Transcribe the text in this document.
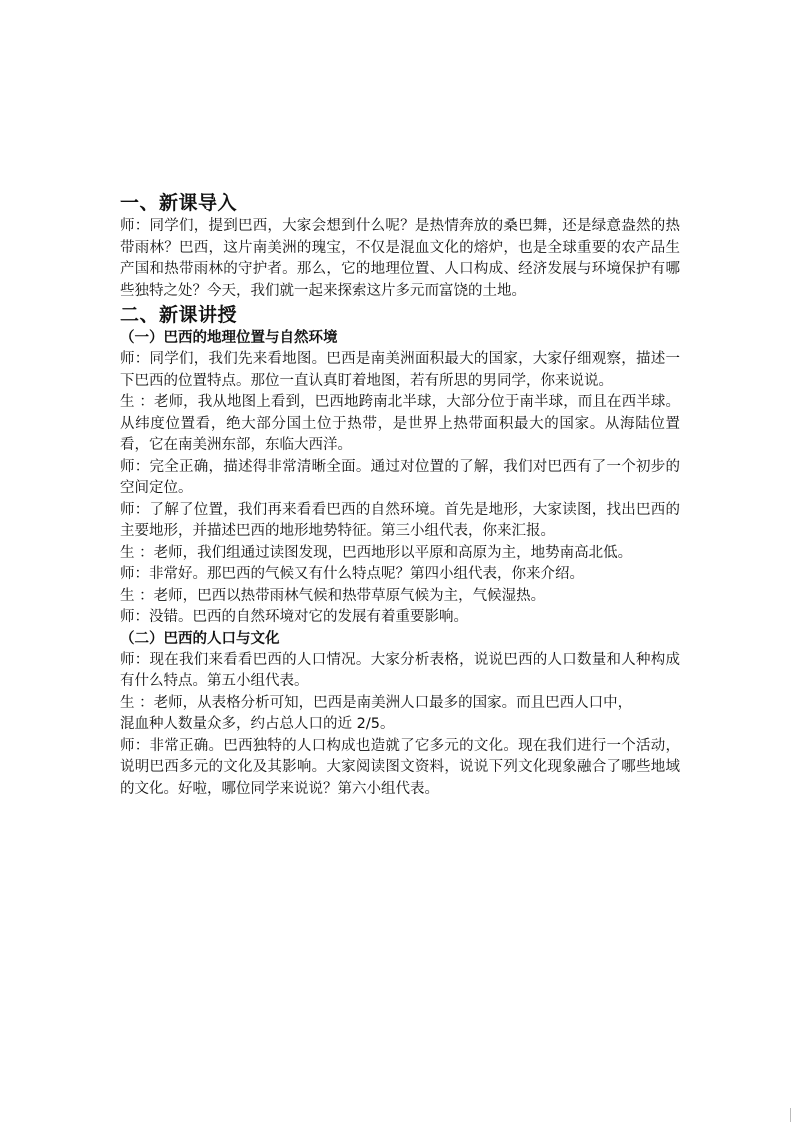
一、新课导入

师：同学们，提到巴西，大家会想到什么呢？是热情奔放的桑巴舞，还是绿意盎然的热带雨林？巴西，这片南美洲的瑰宝，不仅是混血文化的熔炉，也是全球重要的农产品生产国和热带雨林的守护者。那么，它的地理位置、人口构成、经济发展与环境保护有哪些独特之处？今天，我们就一起来探索这片多元而富饶的土地。

二、新课讲授
（一）巴西的地理位置与自然环境

师：同学们，我们先来看地图。巴西是南美洲面积最大的国家，大家仔细观察，描述一下巴西的位置特点。那位一直认真盯着地图，若有所思的男同学，你来说说。

生 ：老师，我从地图上看到，巴西地跨南北半球，大部分位于南半球，而且在西半球。从纬度位置看，绝大部分国土位于热带，是世界上热带面积最大的国家。从海陆位置看，它在南美洲东部，东临大西洋。

师：完全正确，描述得非常清晰全面。通过对位置的了解，我们对巴西有了一个初步的空间定位。

师：了解了位置，我们再来看看巴西的自然环境。首先是地形，大家读图，找出巴西的主要地形，并描述巴西的地形地势特征。第三小组代表，你来汇报。

生 ：老师，我们组通过读图发现，巴西地形以平原和高原为主，地势南高北低。

师：非常好。那巴西的气候又有什么特点呢？第四小组代表，你来介绍。

生 ：老师，巴西以热带雨林气候和热带草原气候为主，气候湿热。

师：没错。巴西的自然环境对它的发展有着重要影响。

（二）巴西的人口与文化

师：现在我们来看看巴西的人口情况。大家分析表格，说说巴西的人口数量和人种构成有什么特点。第五小组代表。

生 ：老师，从表格分析可知，巴西是南美洲人口最多的国家。而且巴西人口中，

混血种人数量众多，约占总人口的近 2/5。

师：非常正确。巴西独特的人口构成也造就了它多元的文化。现在我们进行一个活动，说明巴西多元的文化及其影响。大家阅读图文资料，说说下列文化现象融合了哪些地域的文化。好啦，哪位同学来说说？第六小组代表。
